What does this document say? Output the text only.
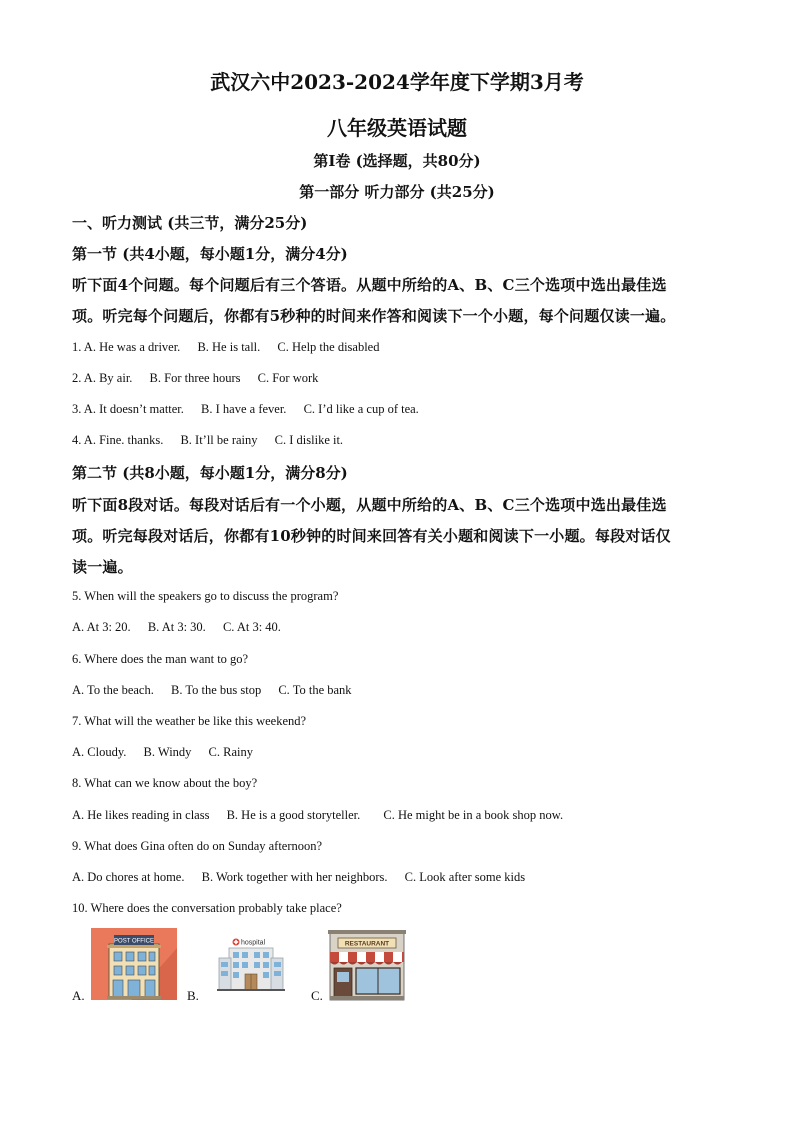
武汉六中2023-2024学年度下学期3月考
八年级英语试题
第I卷 (选择题，共80分)
第一部分 听力部分 (共25分)
一、听力测试 (共三节，满分25分)
第一节 (共4小题，每小题1分，满分4分)
听下面4个问题。每个问题后有三个答语。从题中所给的A、B、C三个选项中选出最佳选
项。听完每个问题后，你都有5秒种的时间来作答和阅读下一个小题，每个问题仅读一遍。
1. A. He was a driver. B. He is tall. C. Help the disabled
2. A. By air. B. For three hours C. For work
3. A. It doesn’t matter. B. I have a fever. C. I’d like a cup of tea.
4. A. Fine. thanks. B. It’ll be rainy C. I dislike it.
第二节 (共8小题，每小题1分，满分8分)
听下面8段对话。每段对话后有一个小题，从题中所给的A、B、C三个选项中选出最佳选
项。听完每段对话后，你都有10秒钟的时间来回答有关小题和阅读下一小题。每段对话仅
读一遍。
5. When will the speakers go to discuss the program?
A. At 3: 20. B. At 3: 30. C. At 3: 40.
6. Where does the man want to go?
A. To the beach. B. To the bus stop C. To the bank
7. What will the weather be like this weekend?
A. Cloudy. B. Windy C. Rainy
8. What can we know about the boy?
A. He likes reading in class B. He is a good storyteller. C. He might be in a book shop now.
9. What does Gina often do on Sunday afternoon?
A. Do chores at home. B. Work together with her neighbors. C. Look after some kids
10. Where does the conversation probably take place?
A.
POST OFFICE
B.
hospital
C.
RESTAURANT
